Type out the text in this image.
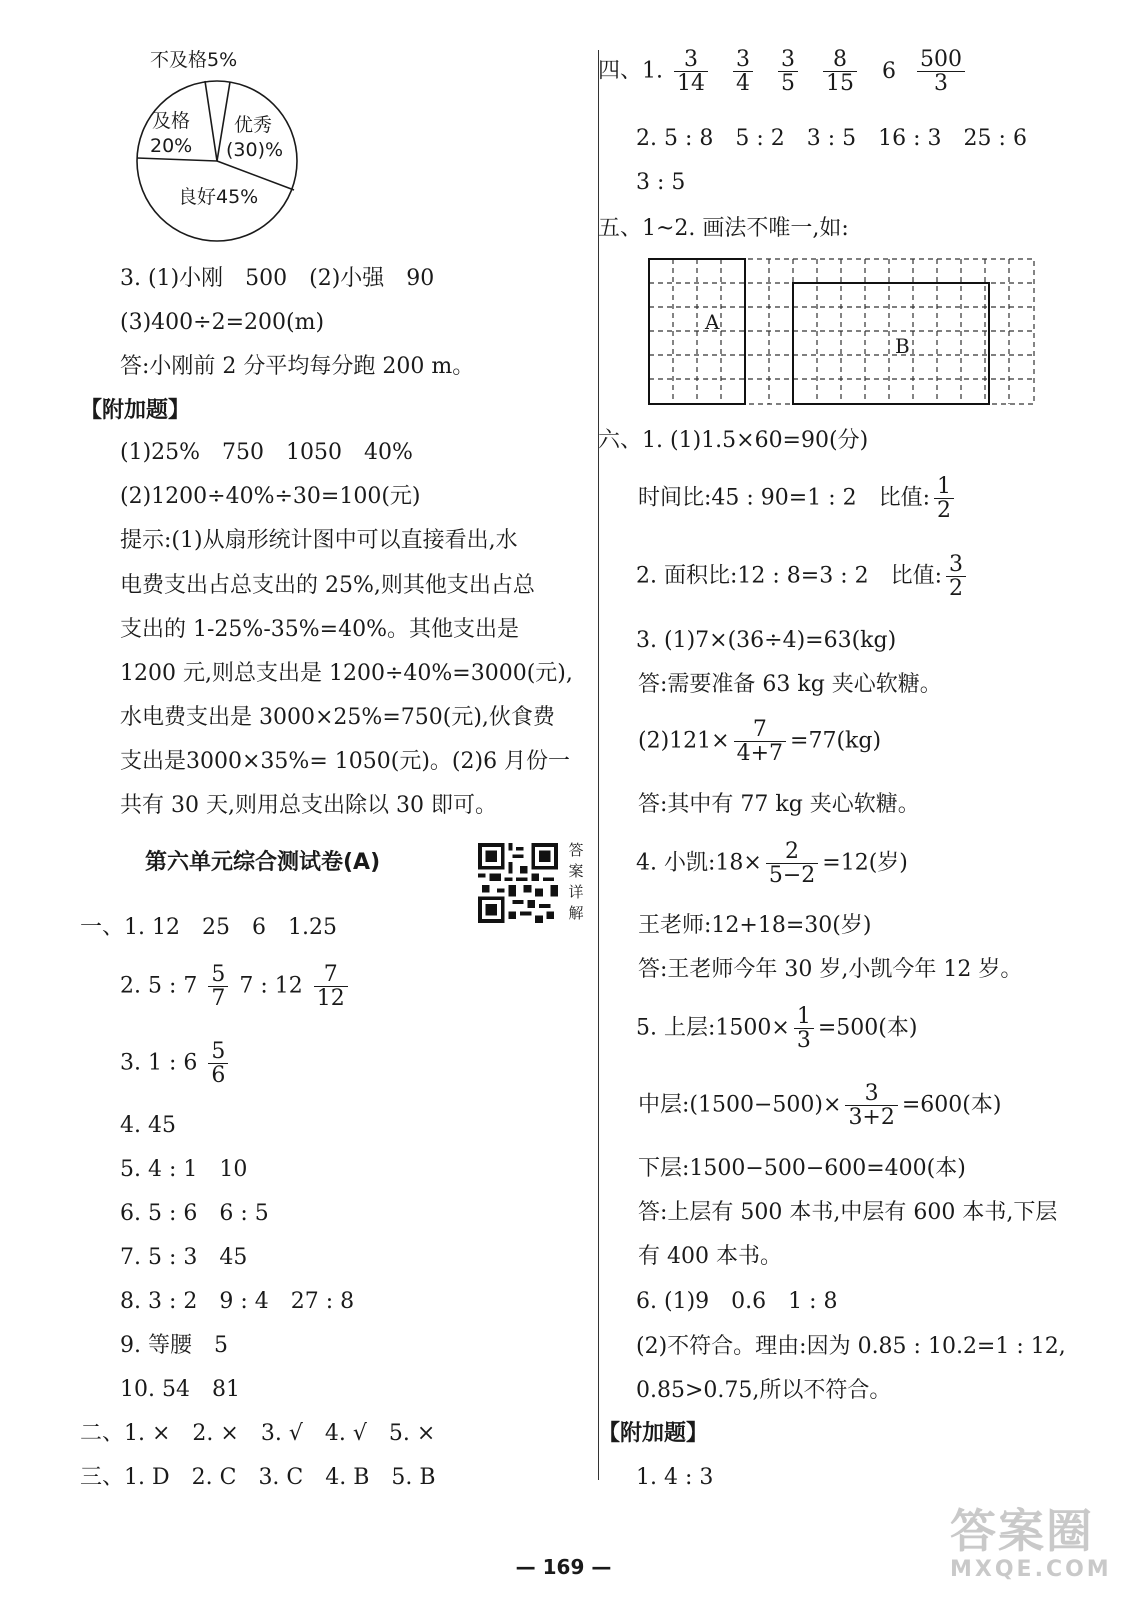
不及格5%
及格
20%
优秀
(30)%
良好45%
3. (1)小刚　500　(2)小强　90
(3)400÷2=200(m)
答:小刚前 2 分平均每分跑 200 m。
【附加题】
(1)25%　750　1050　40%
(2)1200÷40%÷30=100(元)
提示:(1)从扇形统计图中可以直接看出,水
电费支出占总支出的 25%,则其他支出占总
支出的 1-25%-35%=40%。其他支出是
1200 元,则总支出是 1200÷40%=3000(元),
水电费支出是 3000×25%=750(元),伙食费
支出是3000×35%= 1050(元)。(2)6 月份一
共有 30 天,则用总支出除以 30 即可。
第六单元综合测试卷(A)	答案详解
一、1. 12　25　6　1.25
2. 5 : $7 \frac{5}{7} 7$ : $12 \frac{7}{12}$
3. 1 : $6 \frac{5}{6}$
4. 45
5. 4 : 1　10
6. 5 : 6　6 : 5
7. 5 : 3　45
8. 3 : 2　9 : 4　27 : 8
9. 等腰　5
10. 54　81
二、1. ×　2. ×　3. √　4. √　5. ×
三、1. D　2. C　3. C　4. B　5. B
四、1. $\frac{3}{14}$
$\frac{3}{4}$
$\frac{3}{5}$
$\frac{8}{15} 6 \frac{500}{3}$
2. 5 : 8　5 : 2　3 : 5　16 : 3　25 : 6
3 : 5
五、1~2. 画法不唯一,如:
A
B
六、1. (1)1.5×60=90(分)
时间比:45 : 90=1 : 2　比值: $\frac{1}{2}$
2. 面积比:12 : 8=3 : 2　比值: $\frac{3}{2}$
3. (1)7×(36÷4)=63(kg)
答:需要准备 63 kg 夹心软糖。
$(2)121\times \frac{7}{4+7} =77(kg)$
答:其中有 77 kg 夹心软糖。
4. 小凯:18× $\frac{2}{5-2} =12$(岁)
王老师:12+18=30(岁)
答:王老师今年 30 岁,小凯今年 12 岁。
5. 上层:1500× $\frac{1}{3} =500$(本)
中层:(1500−500)× $\frac{3}{3+2} =600$(本)
下层:1500−500−600=400(本)
答:上层有 500 本书,中层有 600 本书,下层
有 400 本书。
6. (1)9　0.6　1 : 8
(2)不符合。理由:因为 0.85 : 10.2=1 : 12,
0.85>0.75,所以不符合。
【附加题】
1. 4 : 3
— 169 —
答案圈
MXQE.COM
